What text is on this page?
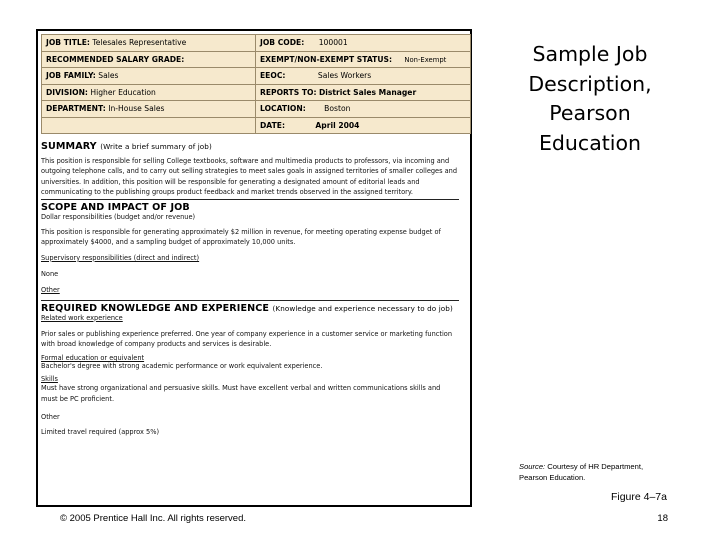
JOB TITLE: Telesales Representative	JOB CODE: 100001
RECOMMENDED SALARY GRADE:	EXEMPT/NON-EXEMPT STATUS: Non-Exempt
JOB FAMILY: Sales	EEOC: Sales Workers
DIVISION: Higher Education	REPORTS TO: District Sales Manager
DEPARTMENT: In-House Sales	LOCATION: Boston
	DATE: April 2004
SUMMARY (Write a brief summary of job)
This position is responsible for selling College textbooks, software and multimedia products to professors, via incoming and outgoing telephone calls, and to carry out selling strategies to meet sales goals in assigned territories of smaller colleges and universities. In addition, this position will be responsible for generating a designated amount of editorial leads and communicating to the publishing groups product feedback and market trends observed in the assigned territory.
SCOPE AND IMPACT OF JOB
Dollar responsibilities (budget and/or revenue)
This position is responsible for generating approximately $2 million in revenue, for meeting operating expense budget of approximately $4000, and a sampling budget of approximately 10,000 units.
Supervisory responsibilities (direct and indirect)
None
Other
REQUIRED KNOWLEDGE AND EXPERIENCE (Knowledge and experience necessary to do job)
Related work experience
Prior sales or publishing experience preferred. One year of company experience in a customer service or marketing function with broad knowledge of company products and services is desirable.
Formal education or equivalent
Bachelor's degree with strong academic performance or work equivalent experience.
Skills
Must have strong organizational and persuasive skills. Must have excellent verbal and written communications skills and must be PC proficient.
Other
Limited travel required (approx 5%)
Sample Job
Description,
Pearson
Education
Source: Courtesy of HR Department,
Pearson Education.
Figure 4–7a
© 2005 Prentice Hall Inc. All rights reserved.	18
